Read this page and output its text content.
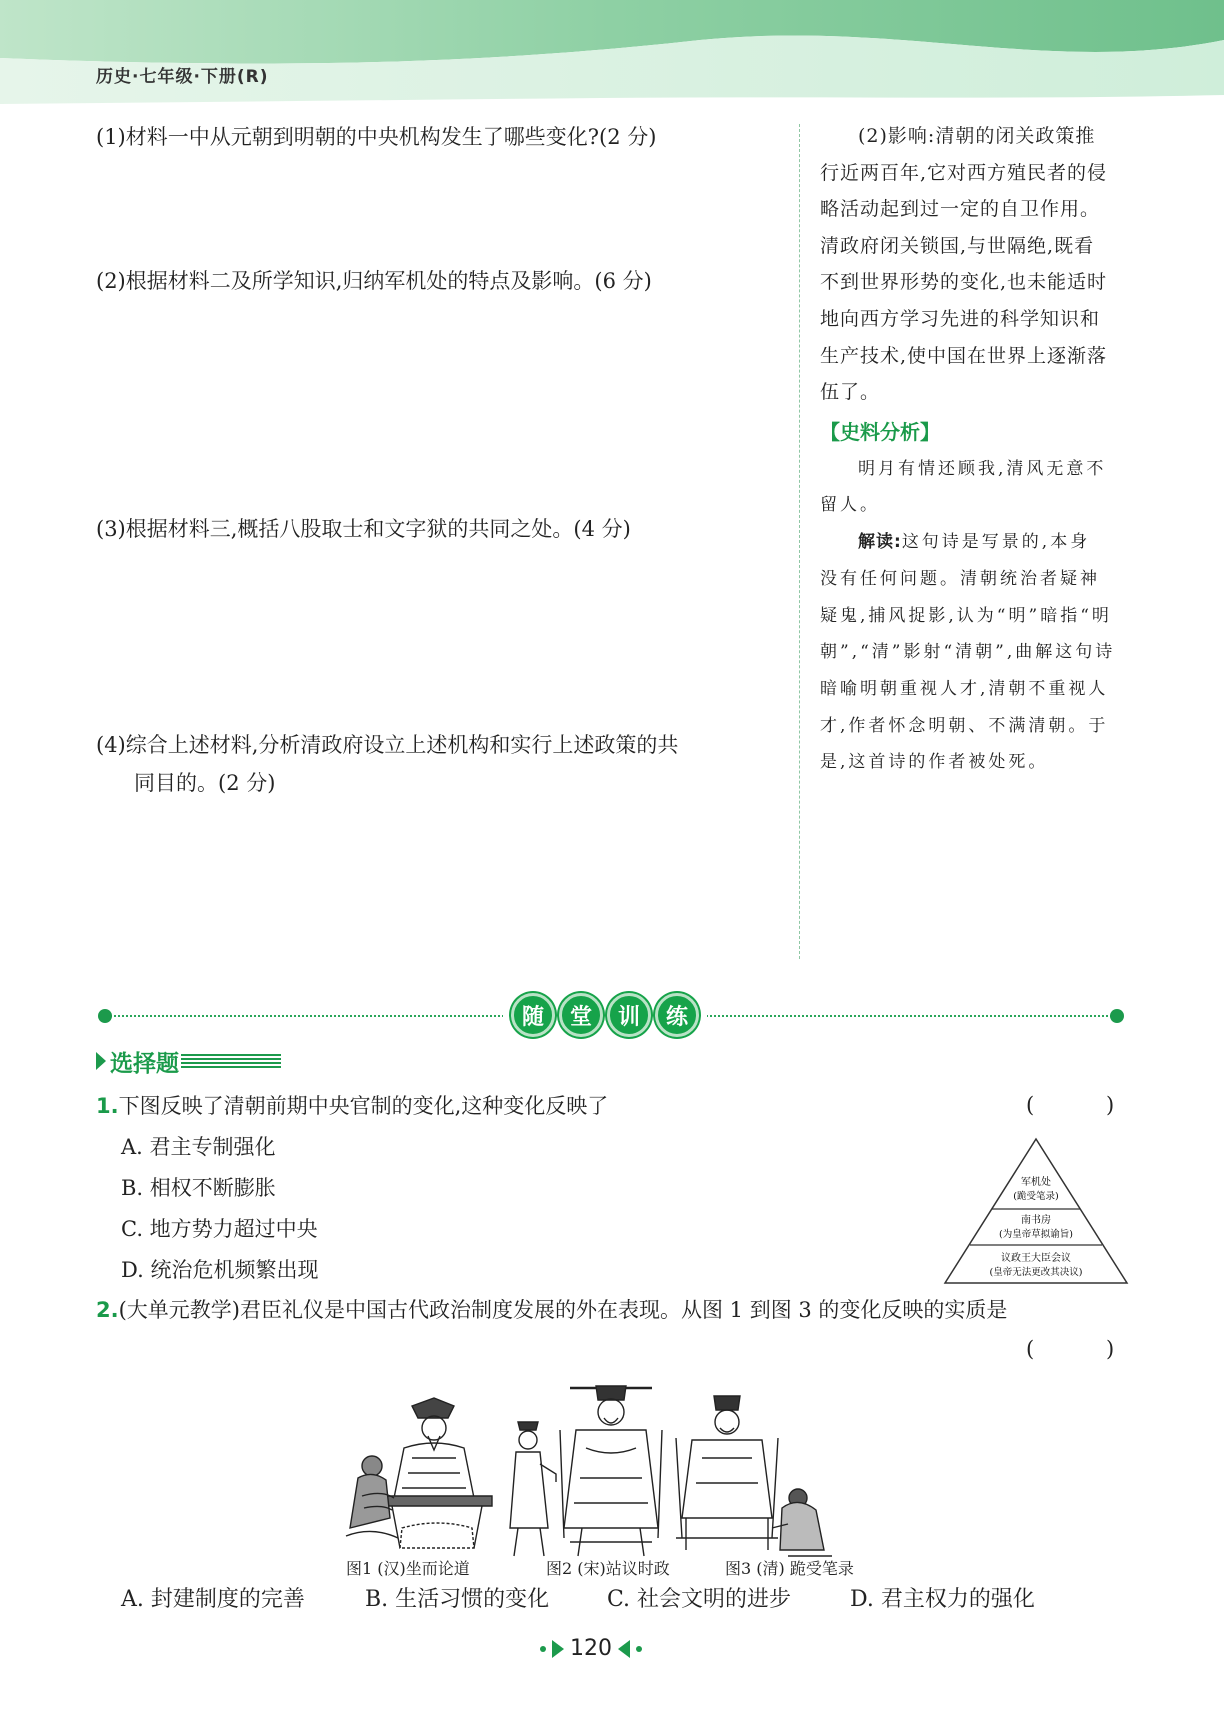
历史·七年级·下册(R)
(1)材料一中从元朝到明朝的中央机构发生了哪些变化?(2 分)
(2)根据材料二及所学知识,归纳军机处的特点及影响。(6 分)
(3)根据材料三,概括八股取士和文字狱的共同之处。(4 分)
(4)综合上述材料,分析清政府设立上述机构和实行上述政策的共
同目的。(2 分)
(2)影响:清朝的闭关政策推
行近两百年,它对西方殖民者的侵
略活动起到过一定的自卫作用。
清政府闭关锁国,与世隔绝,既看
不到世界形势的变化,也未能适时
地向西方学习先进的科学知识和
生产技术,使中国在世界上逐渐落
伍了。
【史料分析】
明月有情还顾我,清风无意不
留人。
解读:这句诗是写景的,本身
没有任何问题。清朝统治者疑神
疑鬼,捕风捉影,认为“明”暗指“明
朝”,“清”影射“清朝”,曲解这句诗
暗喻明朝重视人才,清朝不重视人
才,作者怀念明朝、不满清朝。于
是,这首诗的作者被处死。
随	堂	训	练
选择题
1.下图反映了清朝前期中央官制的变化,这种变化反映了	(	)
A. 君主专制强化
B. 相权不断膨胀
C. 地方势力超过中央
D. 统治危机频繁出现
军机处
(跪受笔录)
南书房
(为皇帝草拟谕旨)
议政王大臣会议
(皇帝无法更改其决议)
2.(大单元教学)君臣礼仪是中国古代政治制度发展的外在表现。从图 1 到图 3 的变化反映的实质是
(	)
图1 (汉)坐而论道	图2 (宋)站议时政	图3 (清) 跪受笔录
A. 封建制度的完善	B. 生活习惯的变化	C. 社会文明的进步	D. 君主权力的强化
120
